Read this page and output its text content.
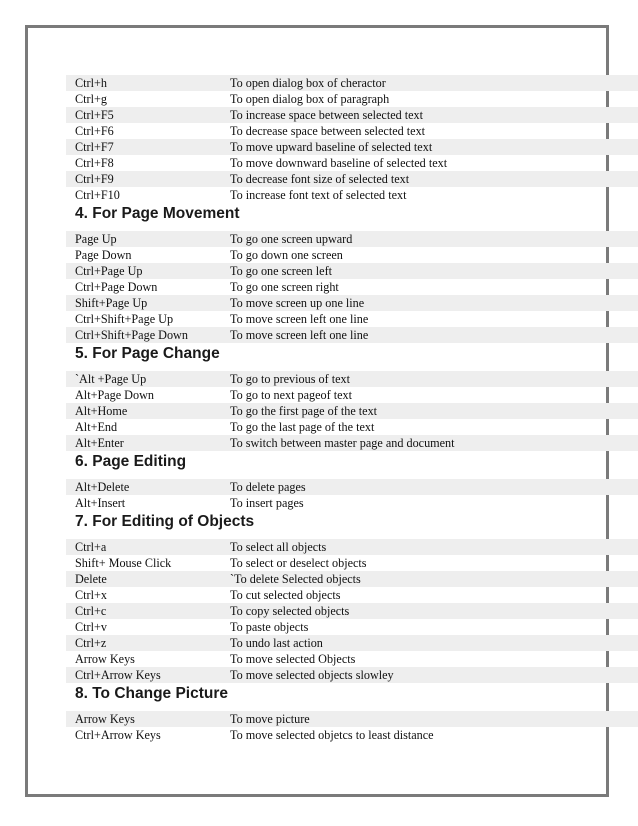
Ctrl+h	To open dialog box of cheractor
Ctrl+g	To open dialog box of paragraph
Ctrl+F5	To increase space between selected text
Ctrl+F6	To decrease space between selected text
Ctrl+F7	To move upward baseline of selected text
Ctrl+F8	To move downward baseline of selected text
Ctrl+F9	To decrease font size of selected text
Ctrl+F10	To increase font text of selected text
4. For Page Movement
Page Up	To go one screen upward
Page Down	To go down one screen
Ctrl+Page Up	To go one screen left
Ctrl+Page Down	To go one screen right
Shift+Page Up	To move screen up one line
Ctrl+Shift+Page Up	To move screen left one line
Ctrl+Shift+Page Down	To move screen left one line
5. For Page Change
`Alt +Page Up	To go to previous of text
Alt+Page Down	To go to next pageof text
Alt+Home	To go the first page of the text
Alt+End	To go the last page of the text
Alt+Enter	To switch between master page and document
6. Page Editing
Alt+Delete	To delete pages
Alt+Insert	To insert pages
7. For Editing of Objects
Ctrl+a	To select all objects
Shift+ Mouse Click	To select or deselect objects
Delete	`To delete Selected objects
Ctrl+x	To cut selected objects
Ctrl+c	To copy selected objects
Ctrl+v	To paste objects
Ctrl+z	To undo last action
Arrow Keys	To move selected Objects
Ctrl+Arrow Keys	To move selected objects slowley
8. To Change Picture
Arrow Keys	To move picture
Ctrl+Arrow Keys	To move selected objetcs to least distance
